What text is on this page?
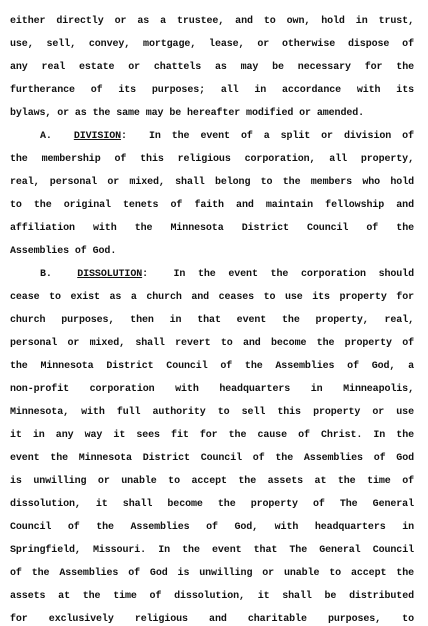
either directly or as a trustee, and to own, hold in trust,
use, sell, convey, mortgage, lease, or otherwise dispose of
any real estate or chattels as may be necessary for the
furtherance of its purposes; all in accordance with its
bylaws, or as the same may be hereafter modified or amended.
A. DIVISION: In the event of a split or division of
the membership of this religious corporation, all property,
real, personal or mixed, shall belong to the members who hold
to the original tenets of faith and maintain fellowship and
affiliation with the Minnesota District Council of the
Assemblies of God.
B.	DISSOLUTION:	In the event the corporation should
cease to exist as a church and ceases to use its property for
church purposes, then in that event the property, real,
personal or mixed, shall revert to and become the property of
the Minnesota District Council of the Assemblies of God, a
non-profit corporation with headquarters in Minneapolis,
Minnesota, with full authority to sell this property or use
it in any way it sees fit for the cause of Christ. In the
event the Minnesota District Council of the Assemblies of God
is unwilling or unable to accept the assets at the time of
dissolution, it shall become the property of The General
Council of the Assemblies of God, with headquarters in
Springfield, Missouri. In the event that The General Council
of the Assemblies of God is unwilling or unable to accept the
assets at the time of dissolution, it shall be distributed
for exclusively religious and charitable purposes, to
